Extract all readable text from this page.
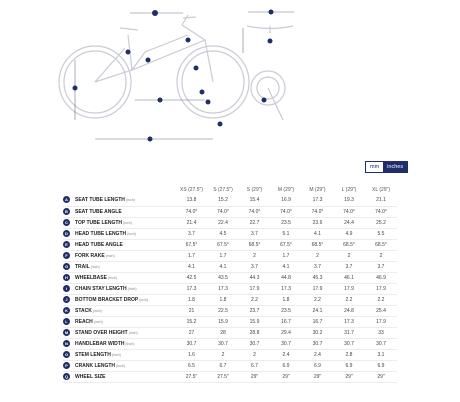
mm	inches
		XS (27.5")	S (27.5")	S (29")	M (29")	M (29")	L (29")	XL (29")
A	SEAT TUBE LENGTH(inch)	13.8	15.2	15.4	16.9	17.3	19.3	21.1
B	SEAT TUBE ANGLE	74.0°	74.0°	74.0°	74.0°	74.0°	74.0°	74.0°
C	TOP TUBE LENGTH(inch)	21.4	22.4	22.7	23.5	23.6	24.4	25.2
D	HEAD TUBE LENGTH(inch)	3.7	4.5	3.7	5.1	4.1	4.9	5.5
E	HEAD TUBE ANGLE	67.5°	67.5°	68.5°	67.5°	68.5°	68.5°	68.5°
F	FORK RAKE(inch)	1.7	1.7	2	1.7	2	2	2
G	TRAIL(inch)	4.1	4.1	3.7	4.1	3.7	3.7	3.7
H	WHEELBASE(inch)	42.5	43.5	44.3	44.8	45.3	46.1	46.9
I	CHAIN STAY LENGTH(inch)	17.3	17.3	17.9	17.3	17.9	17.9	17.9
J	BOTTOM BRACKET DROP(inch)	1.8	1.8	2.2	1.8	2.2	2.2	2.2
K	STACK(inch)	21	22.5	23.7	23.5	24.1	24.8	25.4
L	REACH(inch)	15.2	15.9	15.9	16.7	16.7	17.3	17.9
M	STAND OVER HEIGHT(inch)	27	28	28.8	29.4	30.2	31.7	33
N	HANDLEBAR WIDTH(inch)	30.7	30.7	30.7	30.7	30.7	30.7	30.7
O	STEM LENGTH(inch)	1.6	2	2	2.4	2.4	2.8	3.1
P	CRANK LENGTH(inch)	6.5	6.7	6.7	6.9	6.9	6.9	6.9
Q	WHEEL SIZE	27.5"	27.5"	29"	29"	29"	29"	29"
